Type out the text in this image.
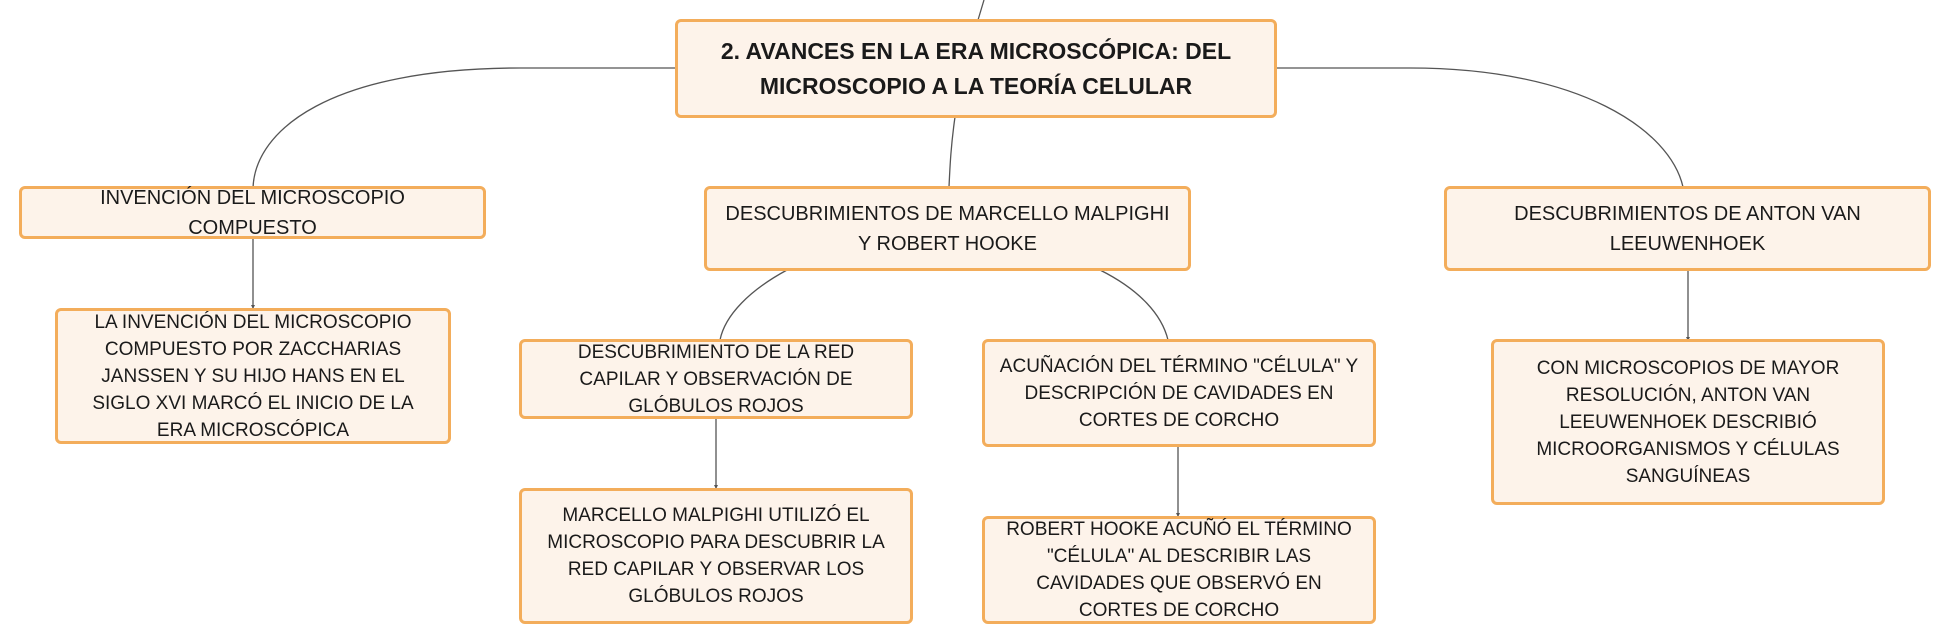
2. AVANCES EN LA ERA MICROSCÓPICA: DEL MICROSCOPIO A LA TEORÍA CELULAR
INVENCIÓN DEL MICROSCOPIO COMPUESTO
DESCUBRIMIENTOS DE MARCELLO MALPIGHI Y ROBERT HOOKE
DESCUBRIMIENTOS DE ANTON VAN LEEUWENHOEK
LA INVENCIÓN DEL MICROSCOPIO COMPUESTO POR ZACCHARIAS JANSSEN Y SU HIJO HANS EN EL SIGLO XVI MARCÓ EL INICIO DE LA ERA MICROSCÓPICA
DESCUBRIMIENTO DE LA RED CAPILAR Y OBSERVACIÓN DE GLÓBULOS ROJOS
ACUÑACIÓN DEL TÉRMINO "CÉLULA" Y DESCRIPCIÓN DE CAVIDADES EN CORTES DE CORCHO
MARCELLO MALPIGHI UTILIZÓ EL MICROSCOPIO PARA DESCUBRIR LA RED CAPILAR Y OBSERVAR LOS GLÓBULOS ROJOS
ROBERT HOOKE ACUÑÓ EL TÉRMINO "CÉLULA" AL DESCRIBIR LAS CAVIDADES QUE OBSERVÓ EN CORTES DE CORCHO
CON MICROSCOPIOS DE MAYOR RESOLUCIÓN, ANTON VAN LEEUWENHOEK DESCRIBIÓ MICROORGANISMOS Y CÉLULAS SANGUÍNEAS
